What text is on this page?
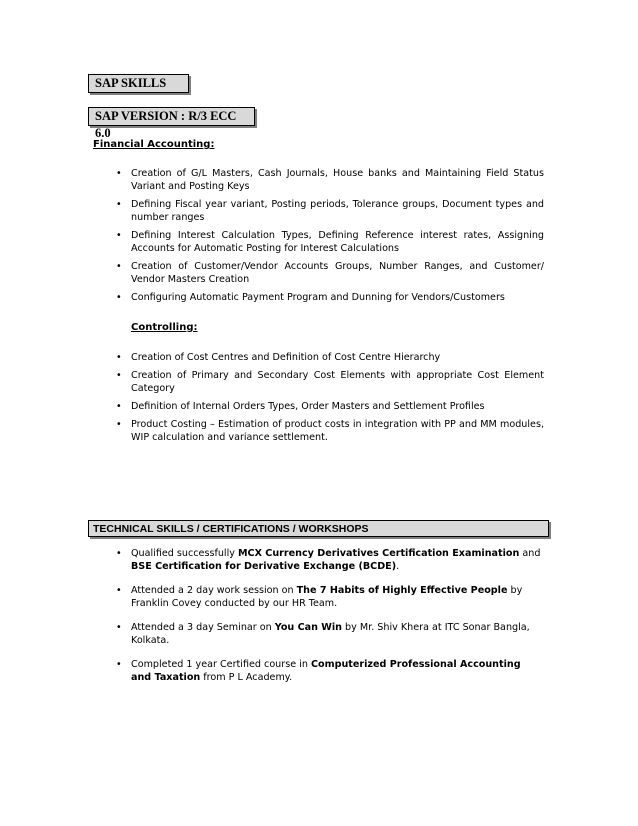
SAP SKILLS
SAP VERSION : R/3 ECC 6.0

Financial Accounting:

• Creation of G/L Masters, Cash Journals, House banks and Maintaining Field Status Variant and Posting Keys
• Defining Fiscal year variant, Posting periods, Tolerance groups, Document types and number ranges
• Defining Interest Calculation Types, Defining Reference interest rates, Assigning Accounts for Automatic Posting for Interest Calculations
• Creation of Customer/Vendor Accounts Groups, Number Ranges, and Customer/ Vendor Masters Creation
• Configuring Automatic Payment Program and Dunning for Vendors/Customers

Controlling:

• Creation of Cost Centres and Definition of Cost Centre Hierarchy
• Creation of Primary and Secondary Cost Elements with appropriate Cost Element Category
• Definition of Internal Orders Types, Order Masters and Settlement Profiles
• Product Costing – Estimation of product costs in integration with PP and MM modules, WIP calculation and variance settlement.
TECHNICAL SKILLS / CERTIFICATIONS / WORKSHOPS
• Qualified successfully MCX Currency Derivatives Certification Examination and BSE Certification for Derivative Exchange (BCDE).
• Attended a 2 day work session on The 7 Habits of Highly Effective People by Franklin Covey conducted by our HR Team.
• Attended a 3 day Seminar on You Can Win by Mr. Shiv Khera at ITC Sonar Bangla, Kolkata.
• Completed 1 year Certified course in Computerized Professional Accounting and Taxation from P L Academy.
